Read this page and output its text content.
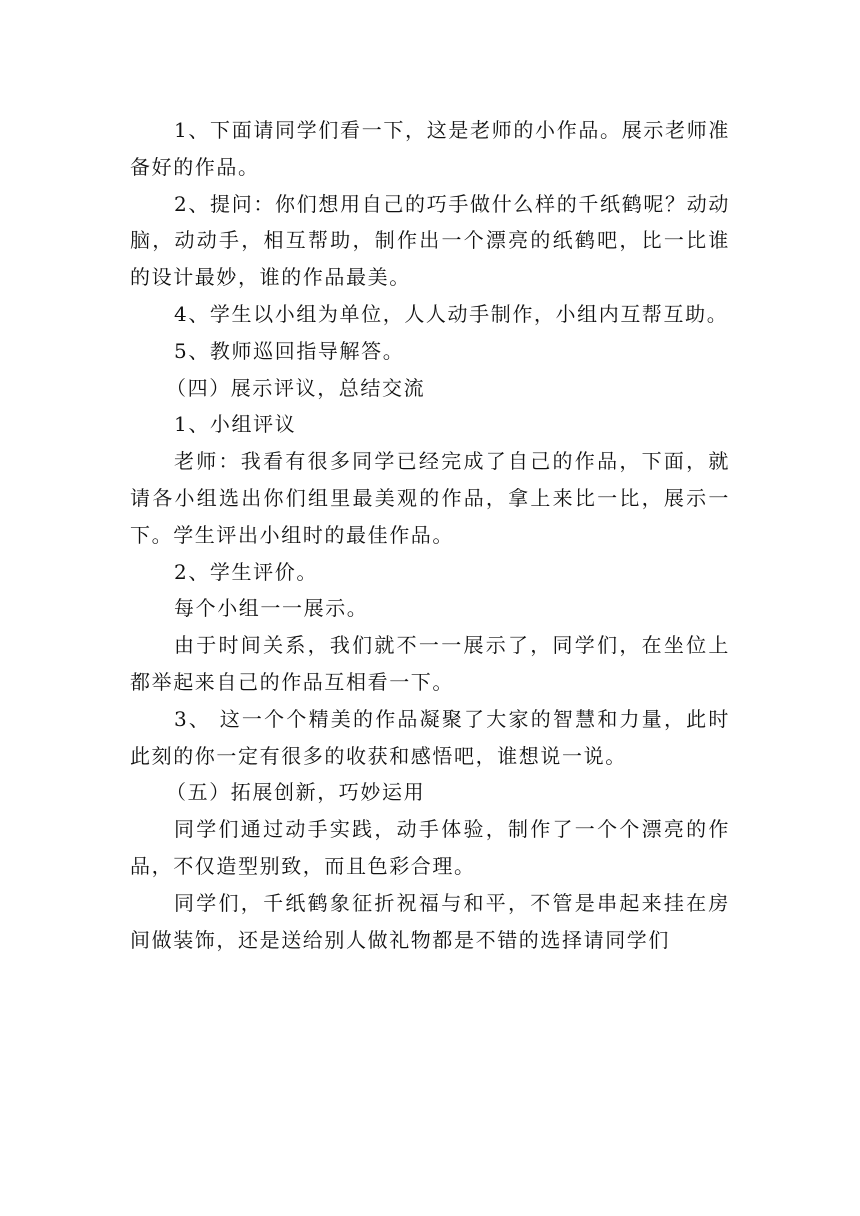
1、下面请同学们看一下，这是老师的小作品。展示老师准备好的作品。

2、提问：你们想用自己的巧手做什么样的千纸鹤呢？动动脑，动动手，相互帮助，制作出一个漂亮的纸鹤吧，比一比谁的设计最妙，谁的作品最美。

4、学生以小组为单位，人人动手制作，小组内互帮互助。

5、教师巡回指导解答。

（四）展示评议，总结交流

1、小组评议

老师：我看有很多同学已经完成了自己的作品，下面，就请各小组选出你们组里最美观的作品，拿上来比一比，展示一下。学生评出小组时的最佳作品。

2、学生评价。

每个小组一一展示。

由于时间关系，我们就不一一展示了，同学们，在坐位上都举起来自己的作品互相看一下。

3、 这一个个精美的作品凝聚了大家的智慧和力量，此时此刻的你一定有很多的收获和感悟吧，谁想说一说。

（五）拓展创新，巧妙运用

同学们通过动手实践，动手体验，制作了一个个漂亮的作品，不仅造型别致，而且色彩合理。

同学们，千纸鹤象征折祝福与和平，不管是串起来挂在房间做装饰，还是送给别人做礼物都是不错的选择请同学们
